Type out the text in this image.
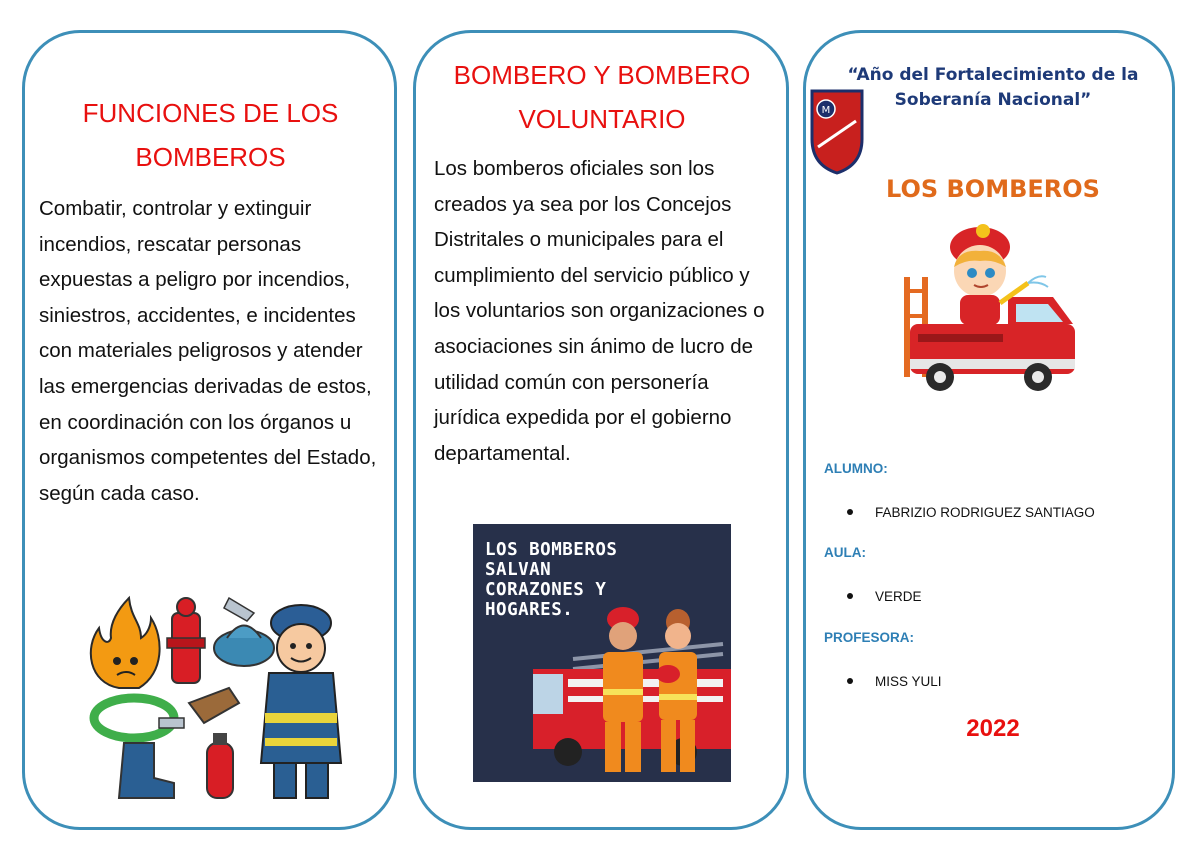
FUNCIONES DE LOS BOMBEROS
Combatir, controlar y extinguir incendios, rescatar personas expuestas a peligro por incendios, siniestros, accidentes, e incidentes con materiales peligrosos y atender las emergencias derivadas de estos, en coordinación con los órganos u organismos competentes del Estado, según cada caso.
BOMBERO Y BOMBERO VOLUNTARIO
Los bomberos oficiales son los creados ya sea por los Concejos Distritales o municipales para el cumplimiento del servicio público y los voluntarios son organizaciones o asociaciones sin ánimo de lucro de utilidad común con personería jurídica expedida por el gobierno departamental.
LOS BOMBEROS
SALVAN
CORAZONES Y
HOGARES.
M
“Año del Fortalecimiento de la Soberanía Nacional”
LOS BOMBEROS
ALUMNO:
FABRIZIO RODRIGUEZ SANTIAGO
AULA:
VERDE
PROFESORA:
MISS YULI
2022
